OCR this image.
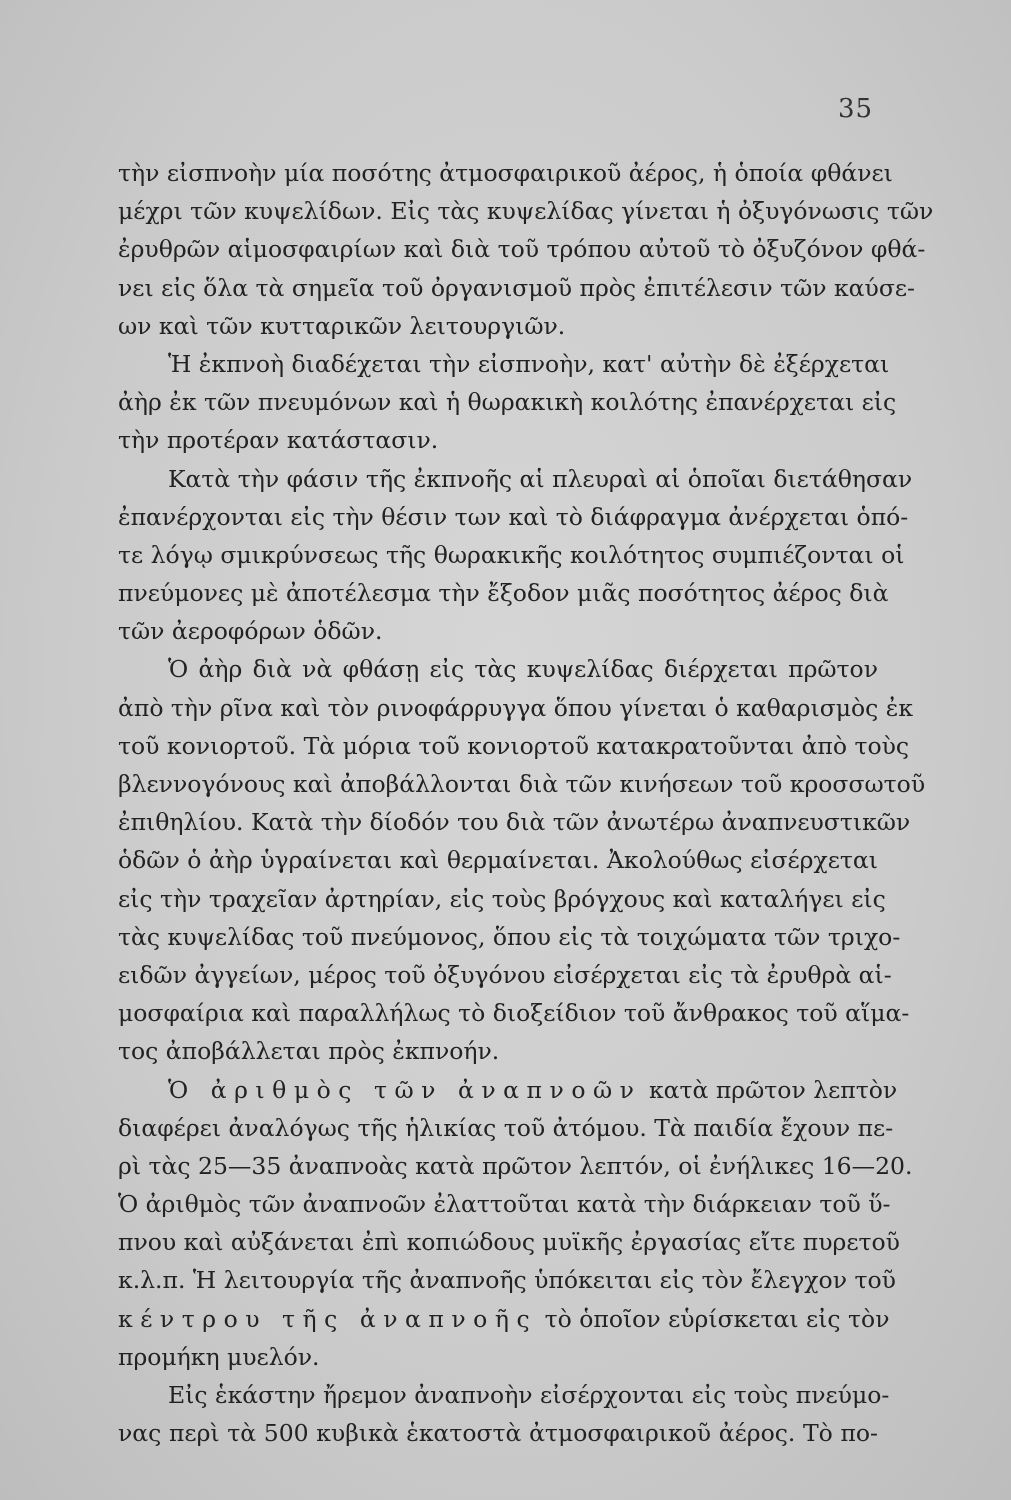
35
τὴν εἰσπνοὴν μία ποσότης ἀτμοσφαιρικοῦ ἀέρος, ἡ ὁποία φθάνει
μέχρι τῶν κυψελίδων. Εἰς τὰς κυψελίδας γίνεται ἡ ὀξυγόνωσις τῶν
ἐρυθρῶν αἱμοσφαιρίων καὶ διὰ τοῦ τρόπου αὐτοῦ τὸ ὀξυζόνον φθά-
νει εἰς ὅλα τὰ σημεῖα τοῦ ὀργανισμοῦ πρὸς ἐπιτέλεσιν τῶν καύσε-
ων καὶ τῶν κυτταρικῶν λειτουργιῶν.
Ἡ ἐκπνοὴ διαδέχεται τὴν εἰσπνοὴν, κατ' αὐτὴν δὲ ἐξέρχεται
ἀὴρ ἐκ τῶν πνευμόνων καὶ ἡ θωρακικὴ κοιλότης ἐπανέρχεται εἰς
τὴν προτέραν κατάστασιν.
Κατὰ τὴν φάσιν τῆς ἐκπνοῆς αἱ πλευραὶ αἱ ὁποῖαι διετάθησαν
ἐπανέρχονται εἰς τὴν θέσιν των καὶ τὸ διάφραγμα ἀνέρχεται ὁπό-
τε λόγῳ σμικρύνσεως τῆς θωρακικῆς κοιλότητος συμπιέζονται οἱ
πνεύμονες μὲ ἀποτέλεσμα τὴν ἔξοδον μιᾶς ποσότητος ἀέρος διὰ
τῶν ἀεροφόρων ὁδῶν.
Ὁ ἀὴρ διὰ νὰ φθάσῃ εἰς τὰς κυψελίδας διέρχεται πρῶτον
ἀπὸ τὴν ρῖνα καὶ τὸν ρινοφάρρυγγα ὅπου γίνεται ὁ καθαρισμὸς ἐκ
τοῦ κονιορτοῦ. Τὰ μόρια τοῦ κονιορτοῦ κατακρατοῦνται ἀπὸ τοὺς
βλεννογόνους καὶ ἀποβάλλονται διὰ τῶν κινήσεων τοῦ κροσσωτοῦ
ἐπιθηλίου. Κατὰ τὴν δίοδόν του διὰ τῶν ἀνωτέρω ἀναπνευστικῶν
ὁδῶν ὁ ἀὴρ ὑγραίνεται καὶ θερμαίνεται. Ἀκολούθως εἰσέρχεται
εἰς τὴν τραχεῖαν ἀρτηρίαν, εἰς τοὺς βρόγχους καὶ καταλήγει εἰς
τὰς κυψελίδας τοῦ πνεύμονος, ὅπου εἰς τὰ τοιχώματα τῶν τριχο-
ειδῶν ἀγγείων, μέρος τοῦ ὀξυγόνου εἰσέρχεται εἰς τὰ ἐρυθρὰ αἱ-
μοσφαίρια καὶ παραλλήλως τὸ διοξείδιον τοῦ ἄνθρακος τοῦ αἵμα-
τος ἀποβάλλεται πρὸς ἐκπνοήν.
Ὁ ἀριθμὸς τῶν ἀναπνοῶν κατὰ πρῶτον λεπτὸν
διαφέρει ἀναλόγως τῆς ἡλικίας τοῦ ἀτόμου. Τὰ παιδία ἔχουν πε-
ρὶ τὰς 25—35 ἀναπνοὰς κατὰ πρῶτον λεπτόν, οἱ ἐνήλικες 16—20.
Ὁ ἀριθμὸς τῶν ἀναπνοῶν ἐλαττοῦται κατὰ τὴν διάρκειαν τοῦ ὕ-
πνου καὶ αὐξάνεται ἐπὶ κοπιώδους μυϊκῆς ἐργασίας εἴτε πυρετοῦ
κ.λ.π. Ἡ λειτουργία τῆς ἀναπνοῆς ὑπόκειται εἰς τὸν ἔλεγχον τοῦ
κέντρου τῆς ἀναπνοῆς τὸ ὁποῖον εὑρίσκεται εἰς τὸν
προμήκη μυελόν.
Εἰς ἑκάστην ἤρεμον ἀναπνοὴν εἰσέρχονται εἰς τοὺς πνεύμο-
νας περὶ τὰ 500 κυβικὰ ἑκατοστὰ ἀτμοσφαιρικοῦ ἀέρος. Τὸ πο-
